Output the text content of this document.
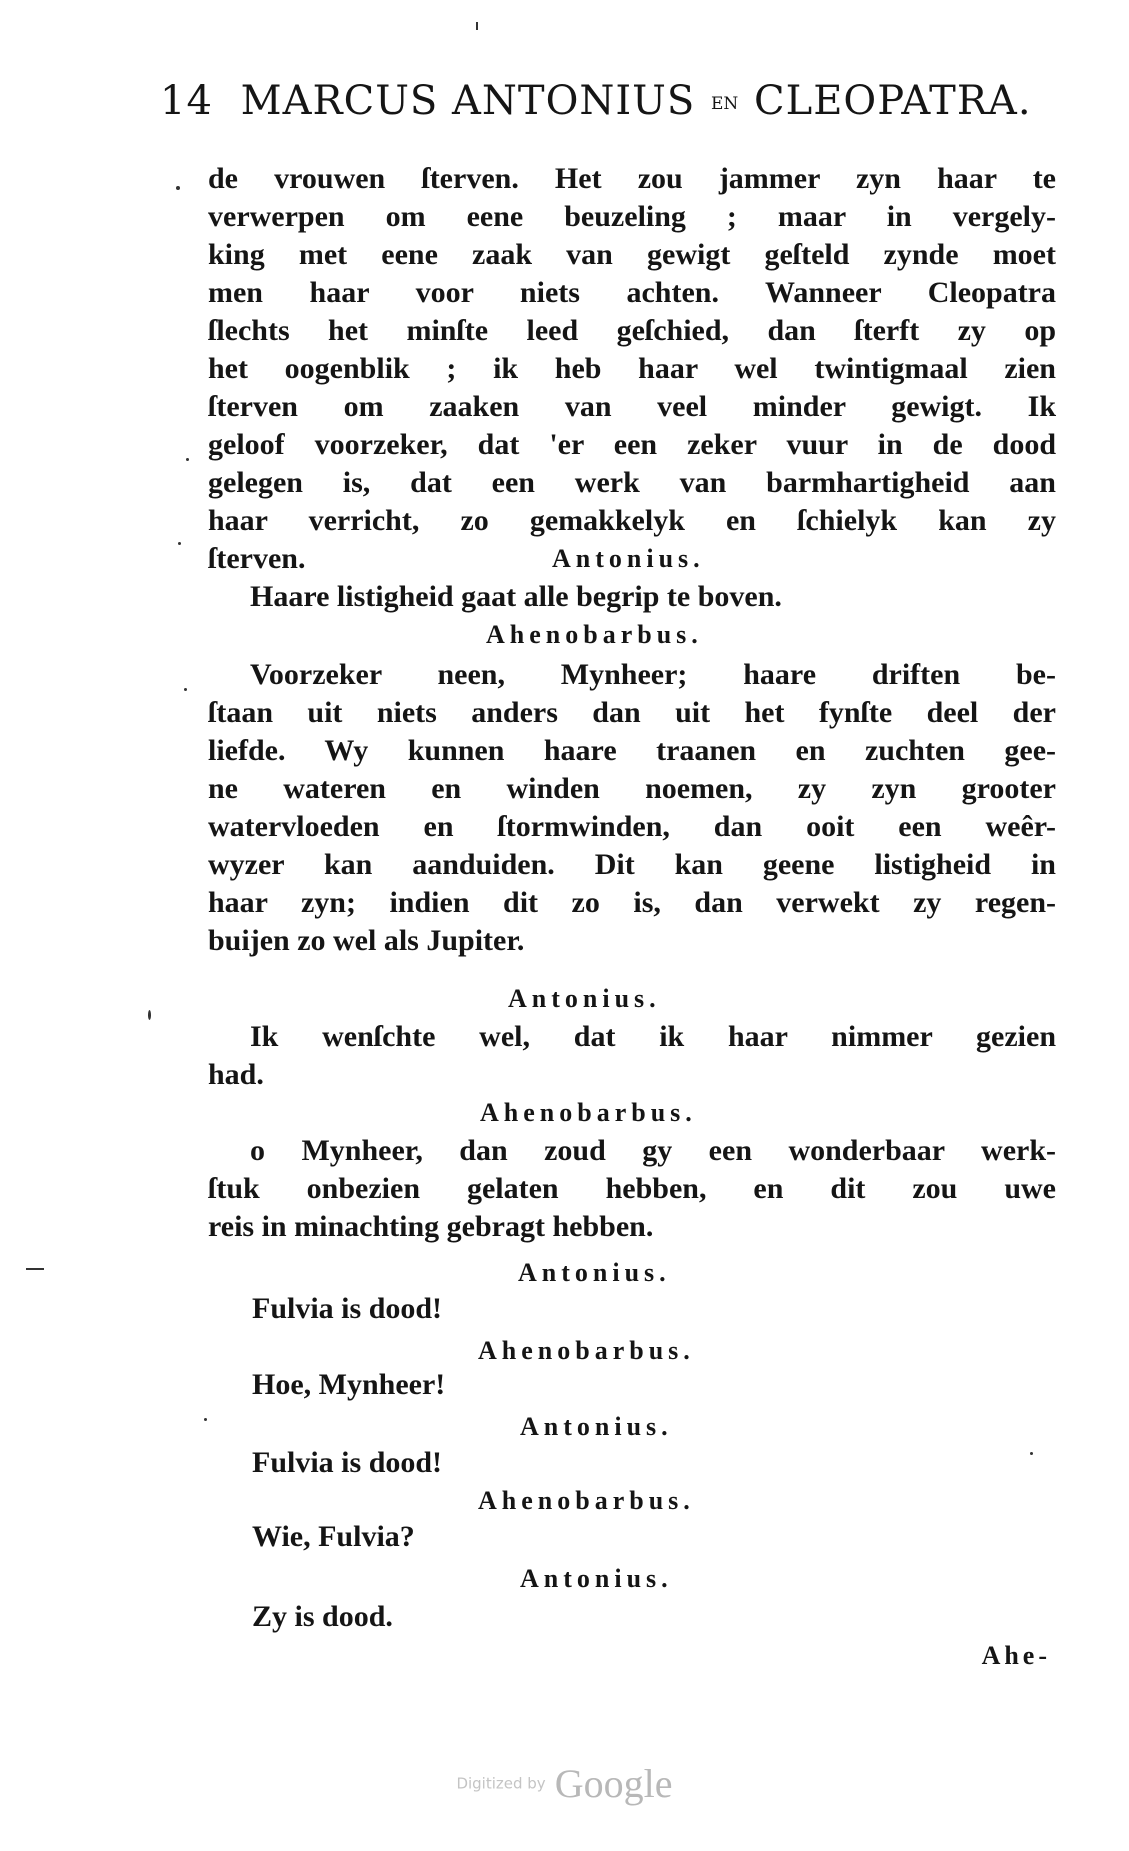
14 MARCUS ANTONIUS EN CLEOPATRA.
de vrouwen ſterven. Het zou jammer zyn haar te
verwerpen om eene beuzeling ; maar in vergely-
king met eene zaak van gewigt geſteld zynde moet
men haar voor niets achten. Wanneer Cleopatra
ſlechts het minſte leed geſchied, dan ſterft zy op
het oogenblik ; ik heb haar wel twintigmaal zien
ſterven om zaaken van veel minder gewigt. Ik
geloof voorzeker, dat 'er een zeker vuur in de dood
gelegen is, dat een werk van barmhartigheid aan
haar verricht, zo gemakkelyk en ſchielyk kan zy
ſterven.	Antonius.
Haare listigheid gaat alle begrip te boven.
Ahenobarbus.
Voorzeker neen, Mynheer; haare driften be-
ſtaan uit niets anders dan uit het fynſte deel der
liefde. Wy kunnen haare traanen en zuchten gee-
ne wateren en winden noemen, zy zyn grooter
watervloeden en ſtormwinden, dan ooit een weêr-
wyzer kan aanduiden. Dit kan geene listigheid in
haar zyn; indien dit zo is, dan verwekt zy regen-
buijen zo wel als Jupiter.
Antonius.
Ik wenſchte wel, dat ik haar nimmer gezien
had.
Ahenobarbus.
o Mynheer, dan zoud gy een wonderbaar werk-
ſtuk onbezien gelaten hebben, en dit zou uwe
reis in minachting gebragt hebben.
Antonius.
Fulvia is dood!
Ahenobarbus.
Hoe, Mynheer!
Antonius.
Fulvia is dood!
Ahenobarbus.
Wie, Fulvia?
Antonius.
Zy is dood.
Ahe-
Digitized by Google
